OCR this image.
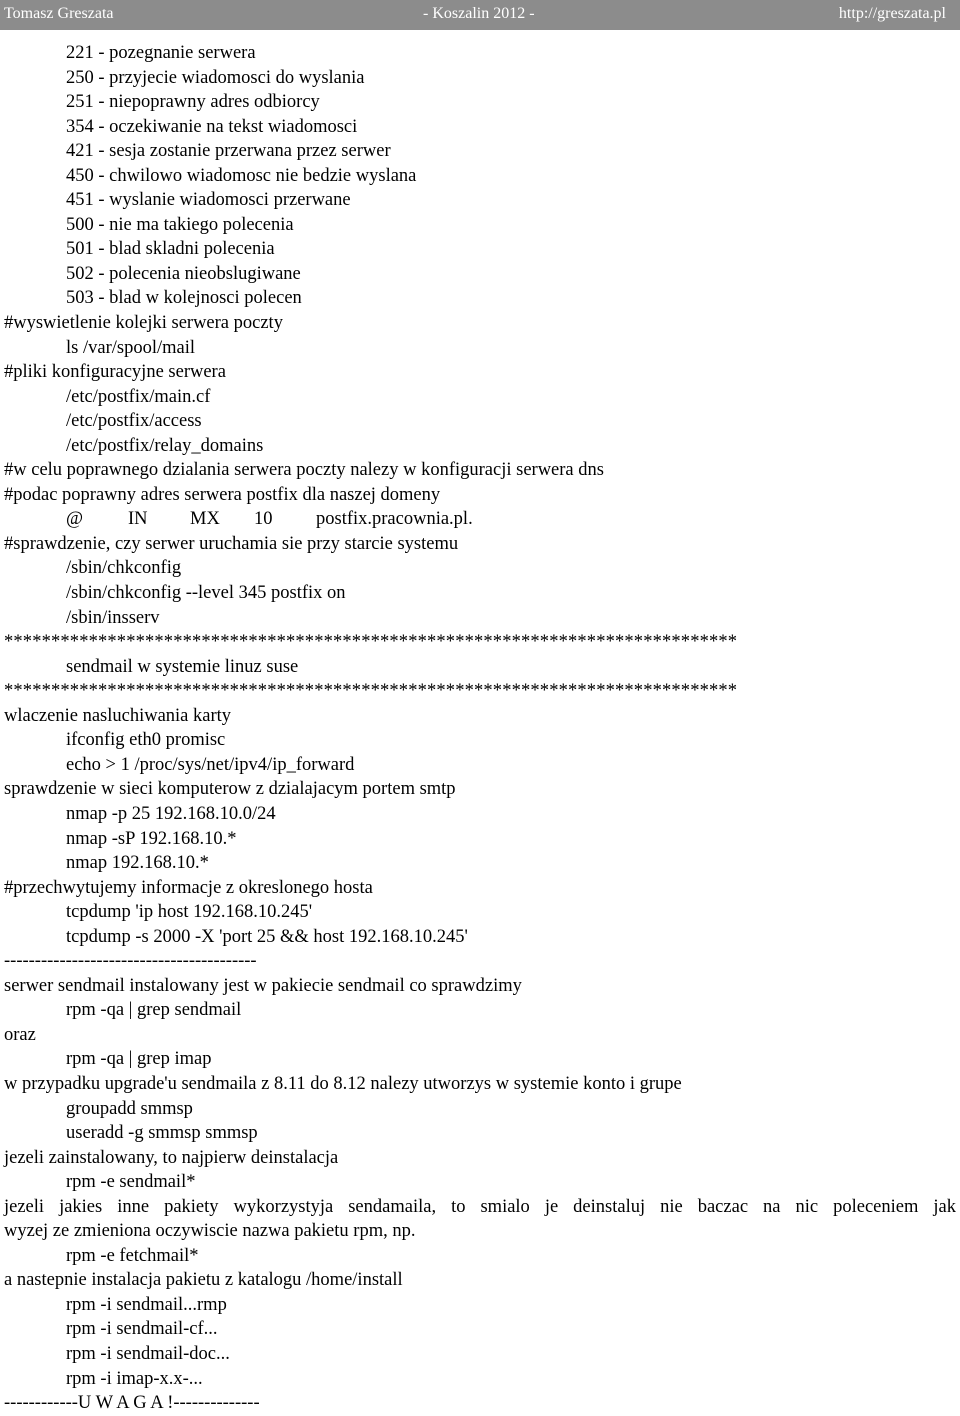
Tomasz Greszata	- Koszalin 2012 -	http://greszata.pl
221 - pozegnanie serwera
250 - przyjecie wiadomosci do wyslania
251 - niepoprawny adres odbiorcy
354 - oczekiwanie na tekst wiadomosci
421 - sesja zostanie przerwana przez serwer
450 - chwilowo wiadomosc nie bedzie wyslana
451 - wyslanie wiadomosci przerwane
500 - nie ma takiego polecenia
501 - blad skladni polecenia
502 - polecenia nieobslugiwane
503 - blad w kolejnosci polecen
#wyswietlenie kolejki serwera poczty
ls /var/spool/mail
#pliki konfiguracyjne serwera
/etc/postfix/main.cf
/etc/postfix/access
/etc/postfix/relay_domains
#w celu poprawnego dzialania serwera poczty nalezy w konfiguracji serwera dns
#podac poprawny adres serwera postfix dla naszej domeny
@ IN MX 10 postfix.pracownia.pl.
#sprawdzenie, czy serwer uruchamia sie przy starcie systemu
/sbin/chkconfig
/sbin/chkconfig --level 345 postfix on
/sbin/insserv
******************************************************************************
sendmail w systemie linuz suse
******************************************************************************
wlaczenie nasluchiwania karty
ifconfig eth0 promisc
echo > 1 /proc/sys/net/ipv4/ip_forward
sprawdzenie w sieci komputerow z dzialajacym portem smtp
nmap -p 25 192.168.10.0/24
nmap -sP 192.168.10.*
nmap 192.168.10.*
#przechwytujemy informacje z okreslonego hosta
tcpdump 'ip host 192.168.10.245'
tcpdump -s 2000 -X 'port 25 && host 192.168.10.245'
-----------------------------------------
serwer sendmail instalowany jest w pakiecie sendmail co sprawdzimy
rpm -qa | grep sendmail
oraz
rpm -qa | grep imap
w przypadku upgrade'u sendmaila z 8.11 do 8.12 nalezy utworzys w systemie konto i grupe
groupadd smmsp
useradd -g smmsp smmsp
jezeli zainstalowany, to najpierw deinstalacja
rpm -e sendmail*
jezeli jakies inne pakiety wykorzystyja sendamaila, to smialo je deinstaluj nie baczac na nic poleceniem jak
wyzej ze zmieniona oczywiscie nazwa pakietu rpm, np.
rpm -e fetchmail*
a nastepnie instalacja pakietu z katalogu /home/install
rpm -i sendmail...rmp
rpm -i sendmail-cf...
rpm -i sendmail-doc...
rpm -i imap-x.x-...
------------U W A G A !--------------
